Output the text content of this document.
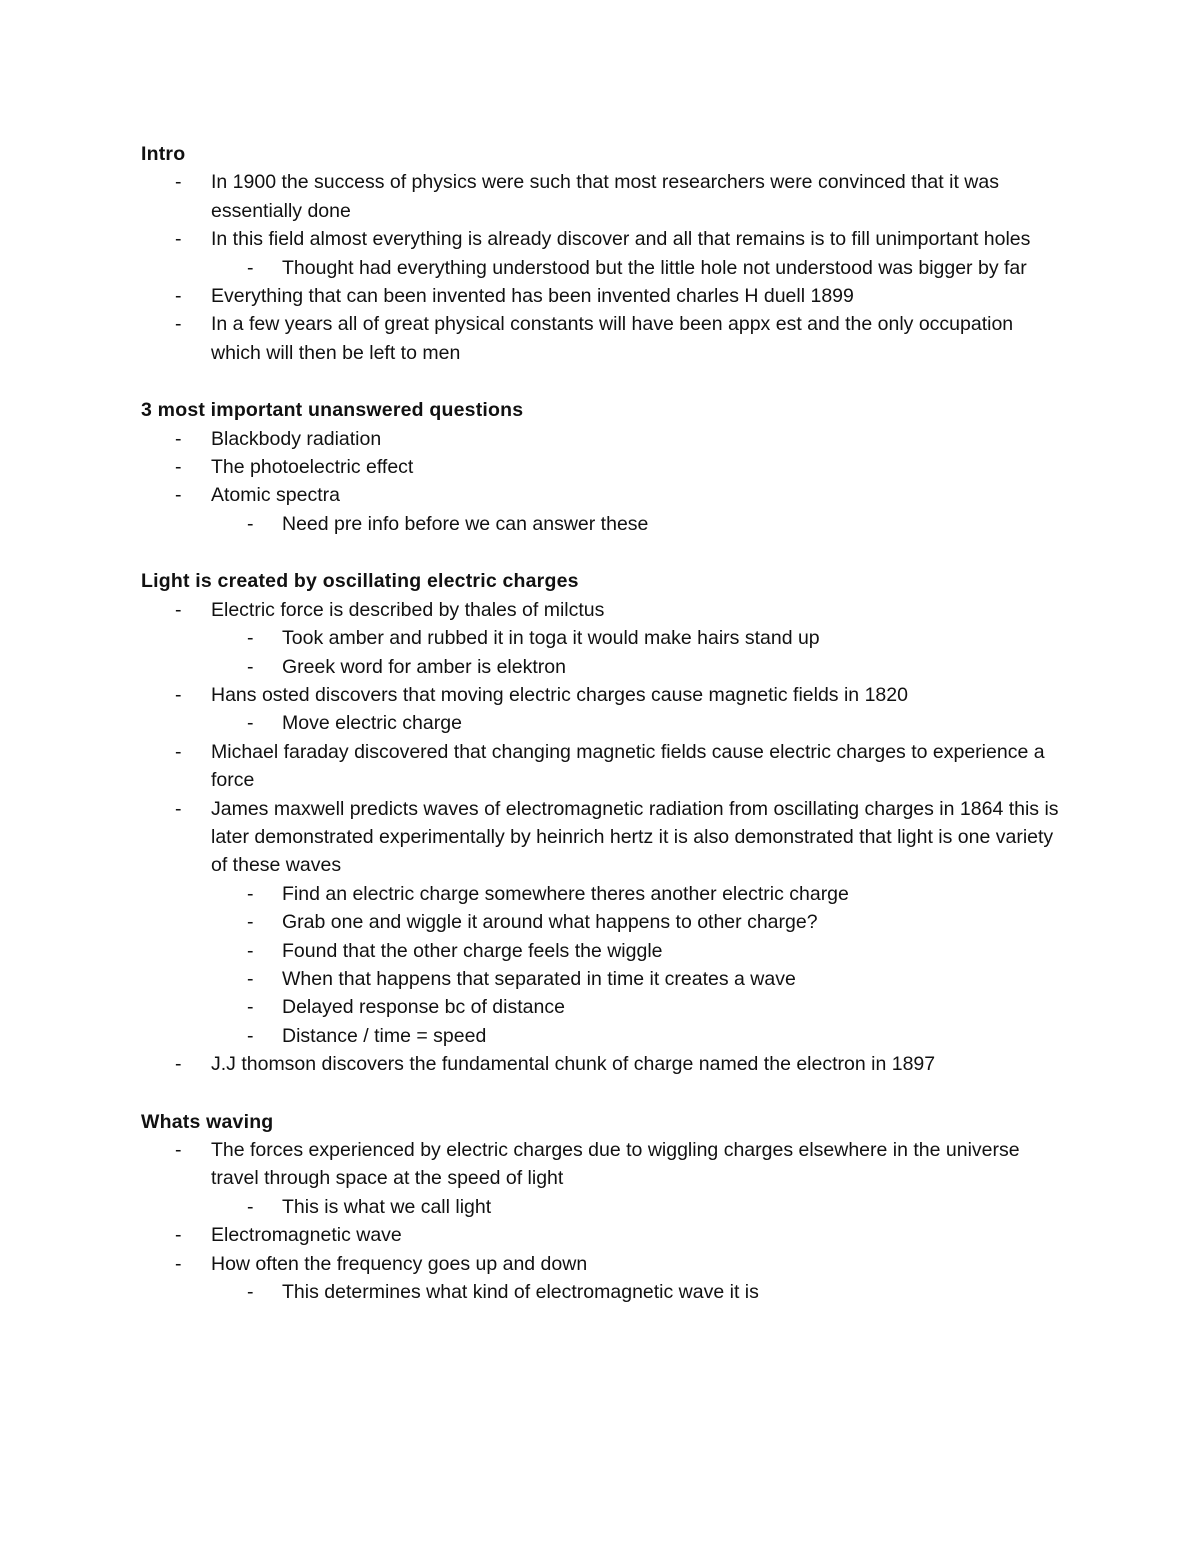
Intro
- In 1900 the success of physics were such that most researchers were convinced that it was essentially done
- In this field almost everything is already discover and all that remains is to fill unimportant holes
- Thought had everything understood but the little hole not understood was bigger by far
- Everything that can been invented has been invented charles H duell 1899
- In a few years all of great physical constants will have been appx est and the only occupation which will then be left to men
3 most important unanswered questions
- Blackbody radiation
- The photoelectric effect
- Atomic spectra
- Need pre info before we can answer these
Light is created by oscillating electric charges
- Electric force is described by thales of milctus
- Took amber and rubbed it in toga it would make hairs stand up
- Greek word for amber is elektron
- Hans osted discovers that moving electric charges cause magnetic fields in 1820
- Move electric charge
- Michael faraday discovered that changing magnetic fields cause electric charges to experience a force
- James maxwell predicts waves of electromagnetic radiation from oscillating charges in 1864 this is later demonstrated experimentally by heinrich hertz it is also demonstrated that light is one variety of these waves
- Find an electric charge somewhere theres another electric charge
- Grab one and wiggle it around what happens to other charge?
- Found that the other charge feels the wiggle
- When that happens that separated in time it creates a wave
- Delayed response bc of distance
- Distance / time = speed
- J.J thomson discovers the fundamental chunk of charge named the electron in 1897
Whats waving
- The forces experienced by electric charges due to wiggling charges elsewhere in the universe travel through space at the speed of light
- This is what we call light
- Electromagnetic wave
- How often the frequency goes up and down
- This determines what kind of electromagnetic wave it is
